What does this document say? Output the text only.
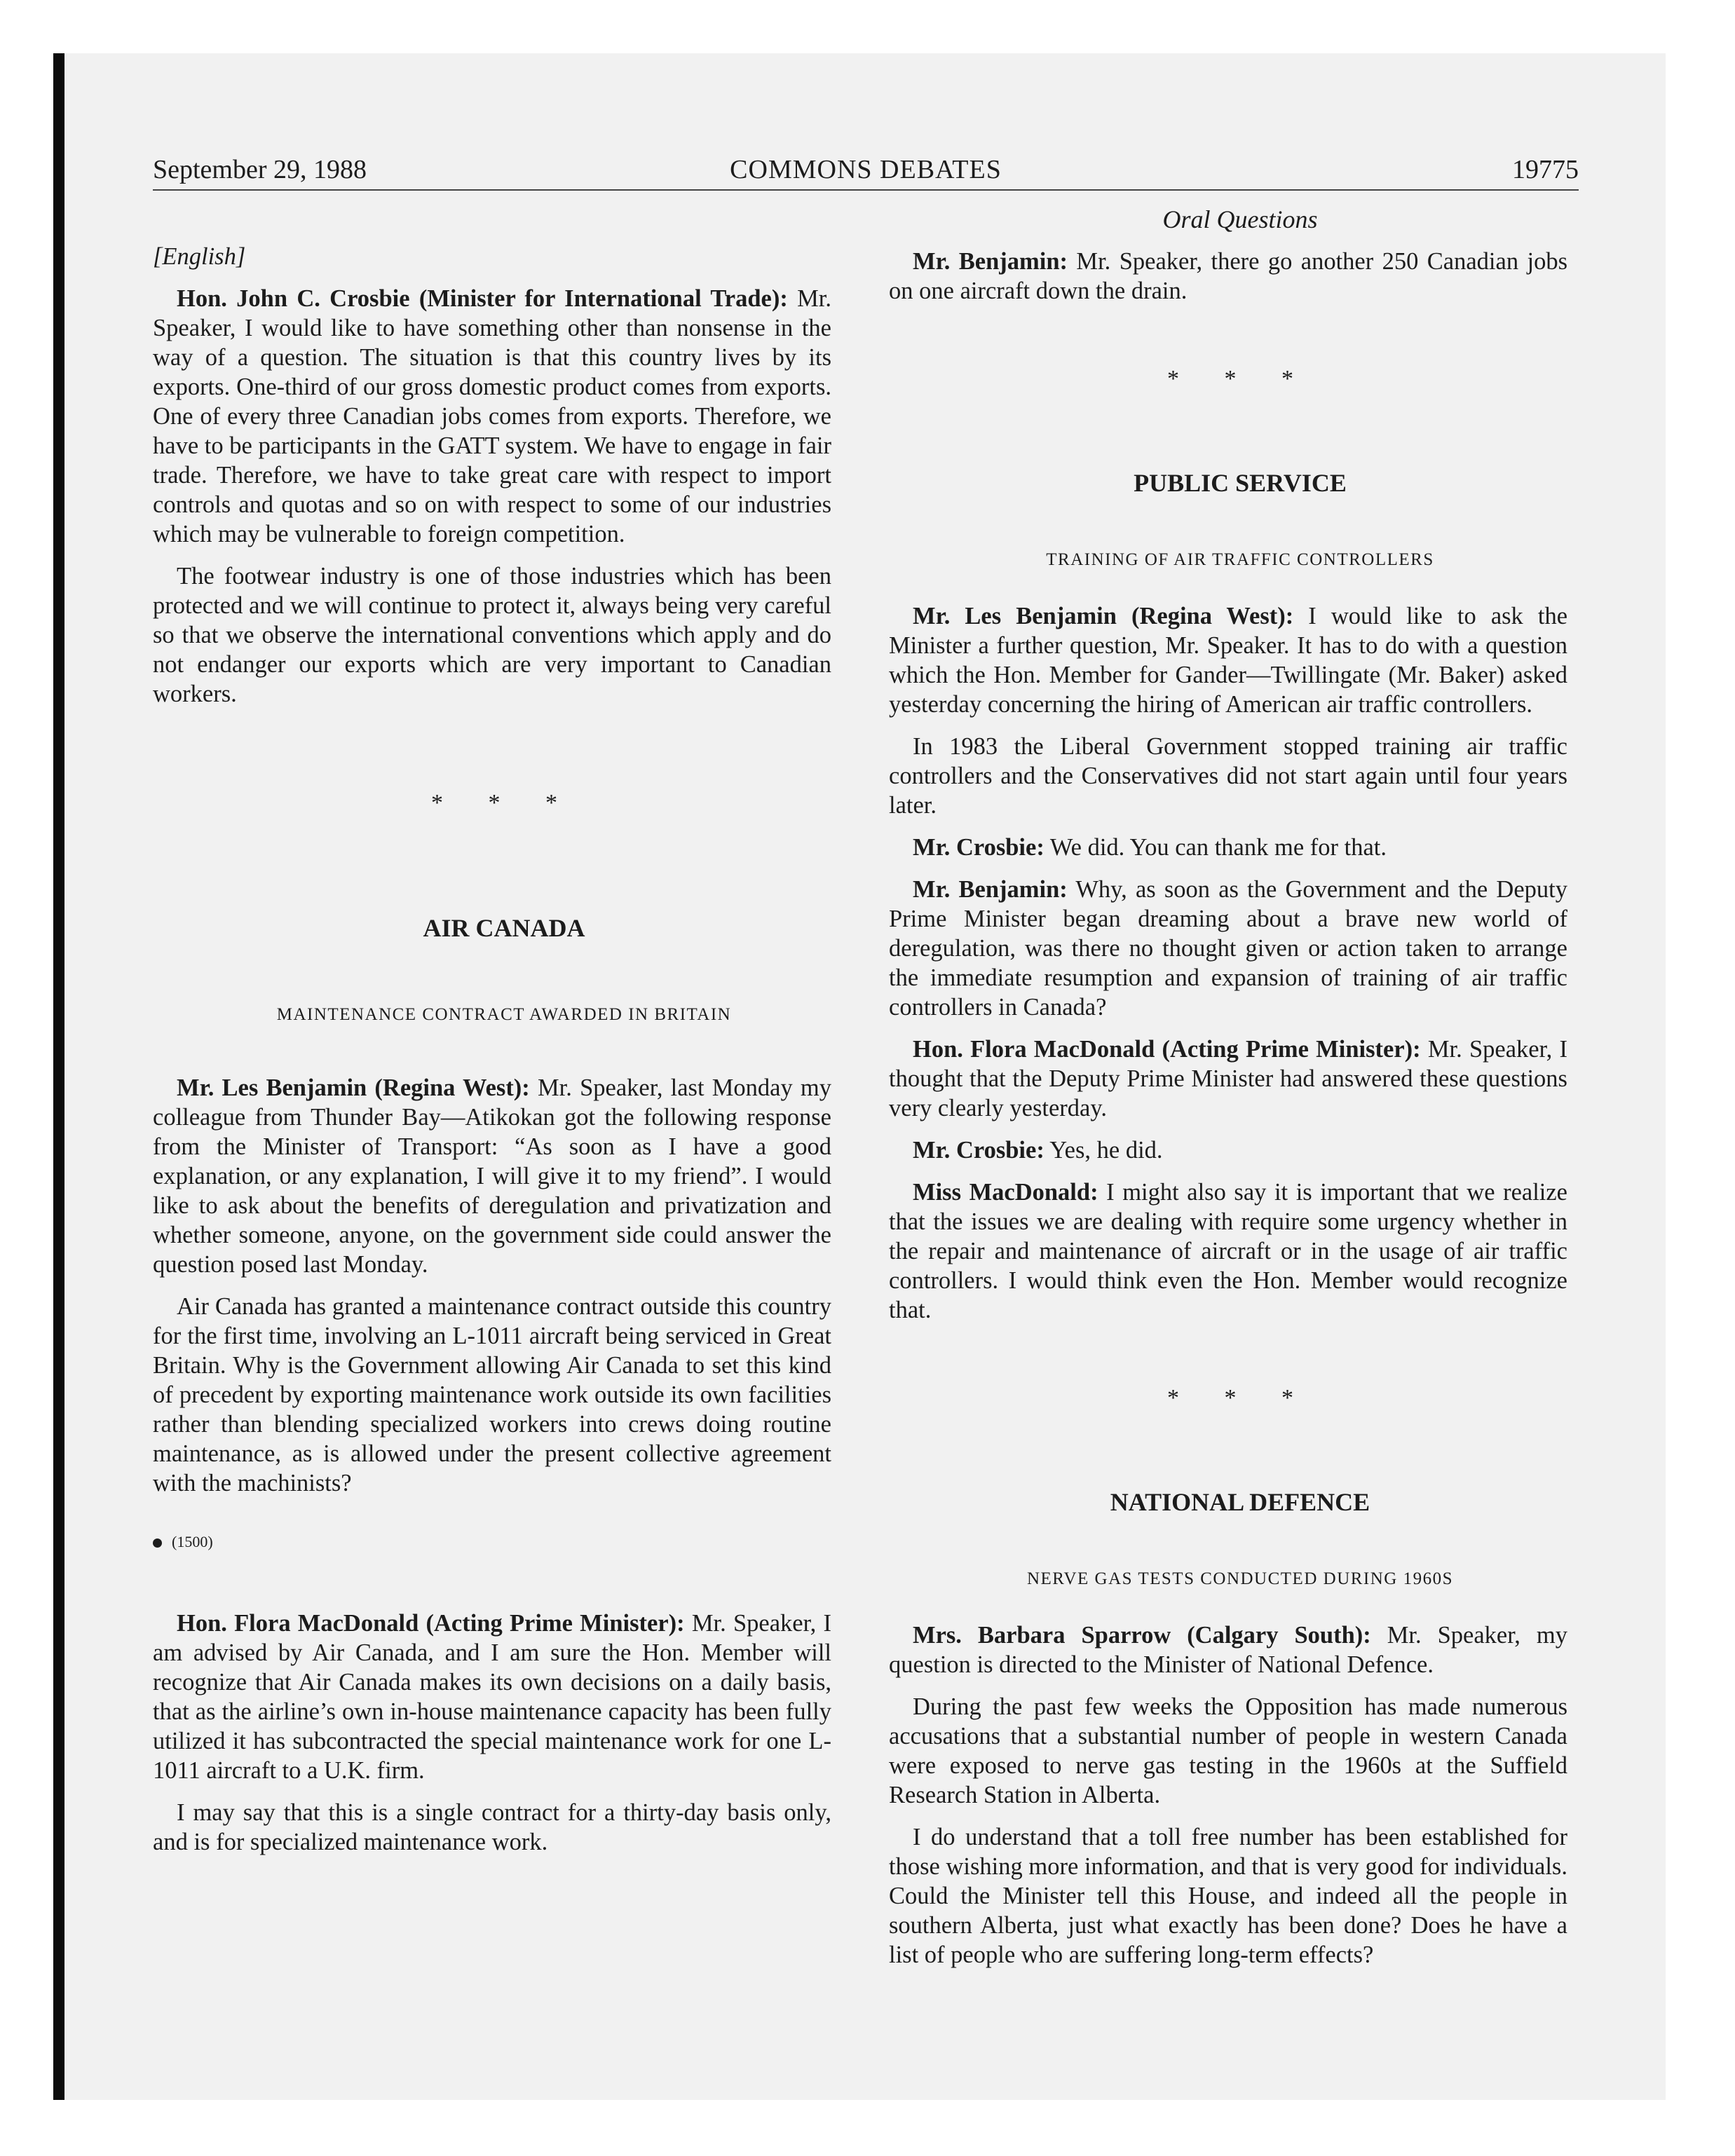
September 29, 1988	COMMONS DEBATES	19775

[English]

Hon. John C. Crosbie (Minister for International Trade): Mr. Speaker, I would like to have something other than nonsense in the way of a question. The situation is that this country lives by its exports. One-third of our gross domestic product comes from exports. One of every three Canadian jobs comes from exports. Therefore, we have to be participants in the GATT system. We have to engage in fair trade. Therefore, we have to take great care with respect to import controls and quotas and so on with respect to some of our industries which may be vulnerable to foreign competition.

The footwear industry is one of those industries which has been protected and we will continue to protect it, always being very careful so that we observe the international conventions which apply and do not endanger our exports which are very important to Canadian workers.

* * *

AIR CANADA

MAINTENANCE CONTRACT AWARDED IN BRITAIN

Mr. Les Benjamin (Regina West): Mr. Speaker, last Monday my colleague from Thunder Bay—Atikokan got the following response from the Minister of Transport: “As soon as I have a good explanation, or any explanation, I will give it to my friend”. I would like to ask about the benefits of deregulation and privatization and whether someone, anyone, on the government side could answer the question posed last Monday.

Air Canada has granted a maintenance contract outside this country for the first time, involving an L-1011 aircraft being serviced in Great Britain. Why is the Government allowing Air Canada to set this kind of precedent by exporting maintenance work outside its own facilities rather than blending specialized workers into crews doing routine maintenance, as is allowed under the present collective agreement with the machinists?

(1500)

Hon. Flora MacDonald (Acting Prime Minister): Mr. Speaker, I am advised by Air Canada, and I am sure the Hon. Member will recognize that Air Canada makes its own decisions on a daily basis, that as the airline’s own in-house maintenance capacity has been fully utilized it has subcontracted the special maintenance work for one L-1011 aircraft to a U.K. firm.

I may say that this is a single contract for a thirty-day basis only, and is for specialized maintenance work.

Oral Questions

Mr. Benjamin: Mr. Speaker, there go another 250 Canadian jobs on one aircraft down the drain.

* * *

PUBLIC SERVICE

TRAINING OF AIR TRAFFIC CONTROLLERS

Mr. Les Benjamin (Regina West): I would like to ask the Minister a further question, Mr. Speaker. It has to do with a question which the Hon. Member for Gander—Twillingate (Mr. Baker) asked yesterday concerning the hiring of American air traffic controllers.

In 1983 the Liberal Government stopped training air traffic controllers and the Conservatives did not start again until four years later.

Mr. Crosbie: We did. You can thank me for that.

Mr. Benjamin: Why, as soon as the Government and the Deputy Prime Minister began dreaming about a brave new world of deregulation, was there no thought given or action taken to arrange the immediate resumption and expansion of training of air traffic controllers in Canada?

Hon. Flora MacDonald (Acting Prime Minister): Mr. Speaker, I thought that the Deputy Prime Minister had answered these questions very clearly yesterday.

Mr. Crosbie: Yes, he did.

Miss MacDonald: I might also say it is important that we realize that the issues we are dealing with require some urgency whether in the repair and maintenance of aircraft or in the usage of air traffic controllers. I would think even the Hon. Member would recognize that.

* * *

NATIONAL DEFENCE

NERVE GAS TESTS CONDUCTED DURING 1960S

Mrs. Barbara Sparrow (Calgary South): Mr. Speaker, my question is directed to the Minister of National Defence.

During the past few weeks the Opposition has made numerous accusations that a substantial number of people in western Canada were exposed to nerve gas testing in the 1960s at the Suffield Research Station in Alberta.

I do understand that a toll free number has been established for those wishing more information, and that is very good for individuals. Could the Minister tell this House, and indeed all the people in southern Alberta, just what exactly has been done? Does he have a list of people who are suffering long-term effects?
